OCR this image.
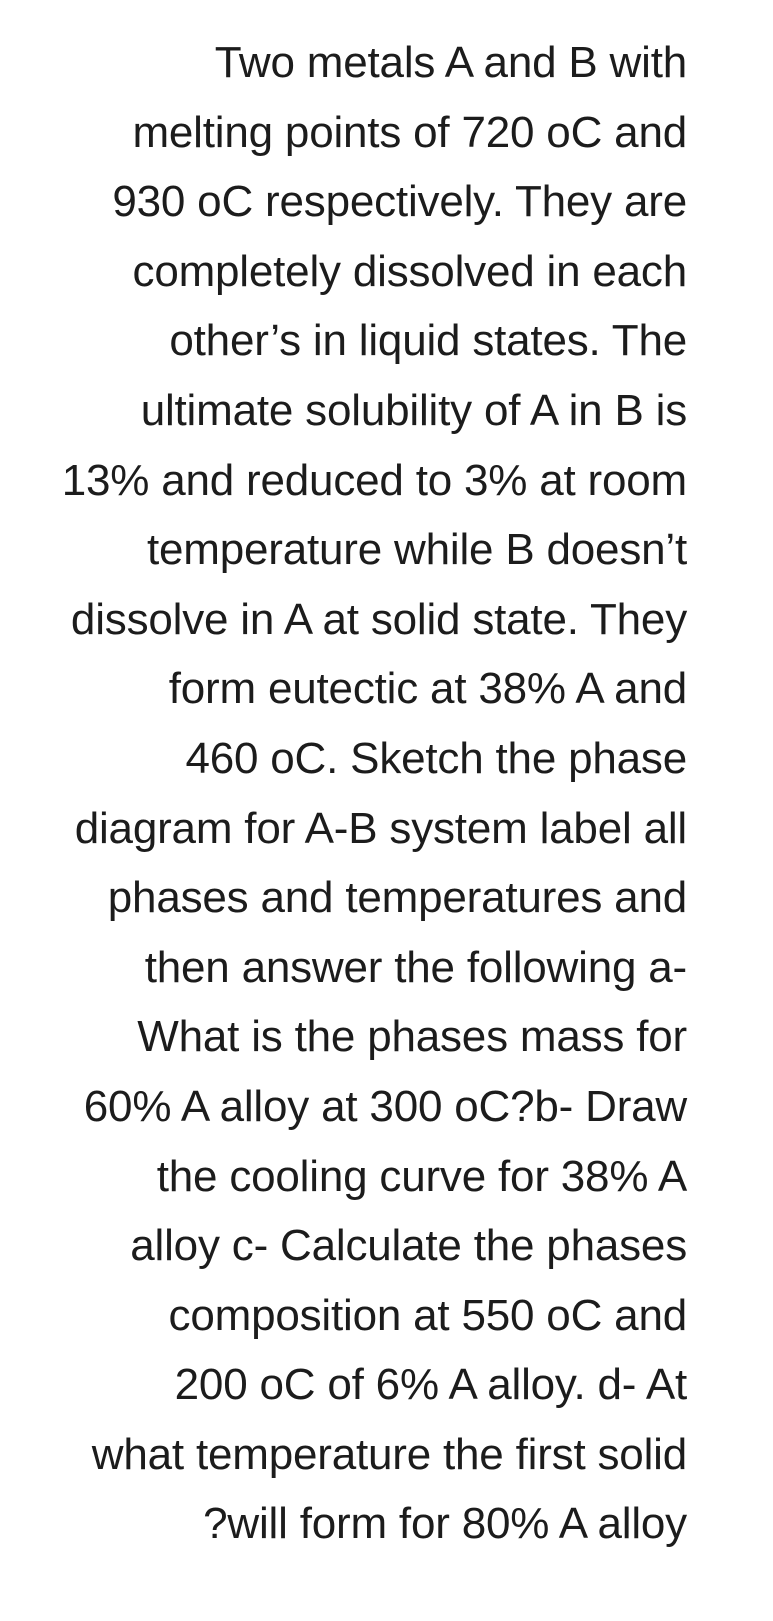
Two metals A and B with
melting points of 720 oC and
930 oC respectively. They are
completely dissolved in each
other’s in liquid states. The
ultimate solubility of A in B is
13% and reduced to 3% at room
temperature while B doesn’t
dissolve in A at solid state. They
form eutectic at 38% A and
460 oC. Sketch the phase
diagram for A-B system label all
phases and temperatures and
then answer the following a-
What is the phases mass for
60% A alloy at 300 oC?b- Draw
the cooling curve for 38% A
alloy c- Calculate the phases
composition at 550 oC and
200 oC of 6% A alloy. d- At
what temperature the first solid
?will form for 80% A alloy
